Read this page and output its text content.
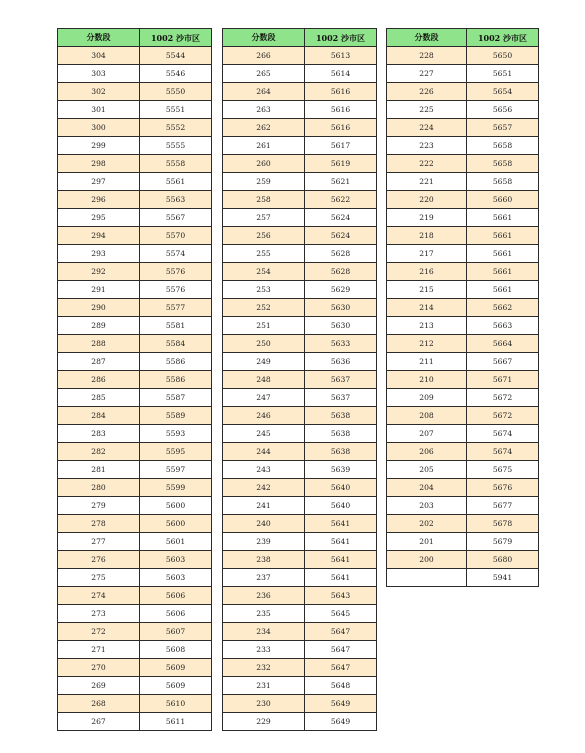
分数段	1002 沙市区
304	5544
303	5546
302	5550
301	5551
300	5552
299	5555
298	5558
297	5561
296	5563
295	5567
294	5570
293	5574
292	5576
291	5576
290	5577
289	5581
288	5584
287	5586
286	5586
285	5587
284	5589
283	5593
282	5595
281	5597
280	5599
279	5600
278	5600
277	5601
276	5603
275	5603
274	5606
273	5606
272	5607
271	5608
270	5609
269	5609
268	5610
267	5611
分数段	1002 沙市区
266	5613
265	5614
264	5616
263	5616
262	5616
261	5617
260	5619
259	5621
258	5622
257	5624
256	5624
255	5628
254	5628
253	5629
252	5630
251	5630
250	5633
249	5636
248	5637
247	5637
246	5638
245	5638
244	5638
243	5639
242	5640
241	5640
240	5641
239	5641
238	5641
237	5641
236	5643
235	5645
234	5647
233	5647
232	5647
231	5648
230	5649
229	5649
分数段	1002 沙市区
228	5650
227	5651
226	5654
225	5656
224	5657
223	5658
222	5658
221	5658
220	5660
219	5661
218	5661
217	5661
216	5661
215	5661
214	5662
213	5663
212	5664
211	5667
210	5671
209	5672
208	5672
207	5674
206	5674
205	5675
204	5676
203	5677
202	5678
201	5679
200	5680
	5941
